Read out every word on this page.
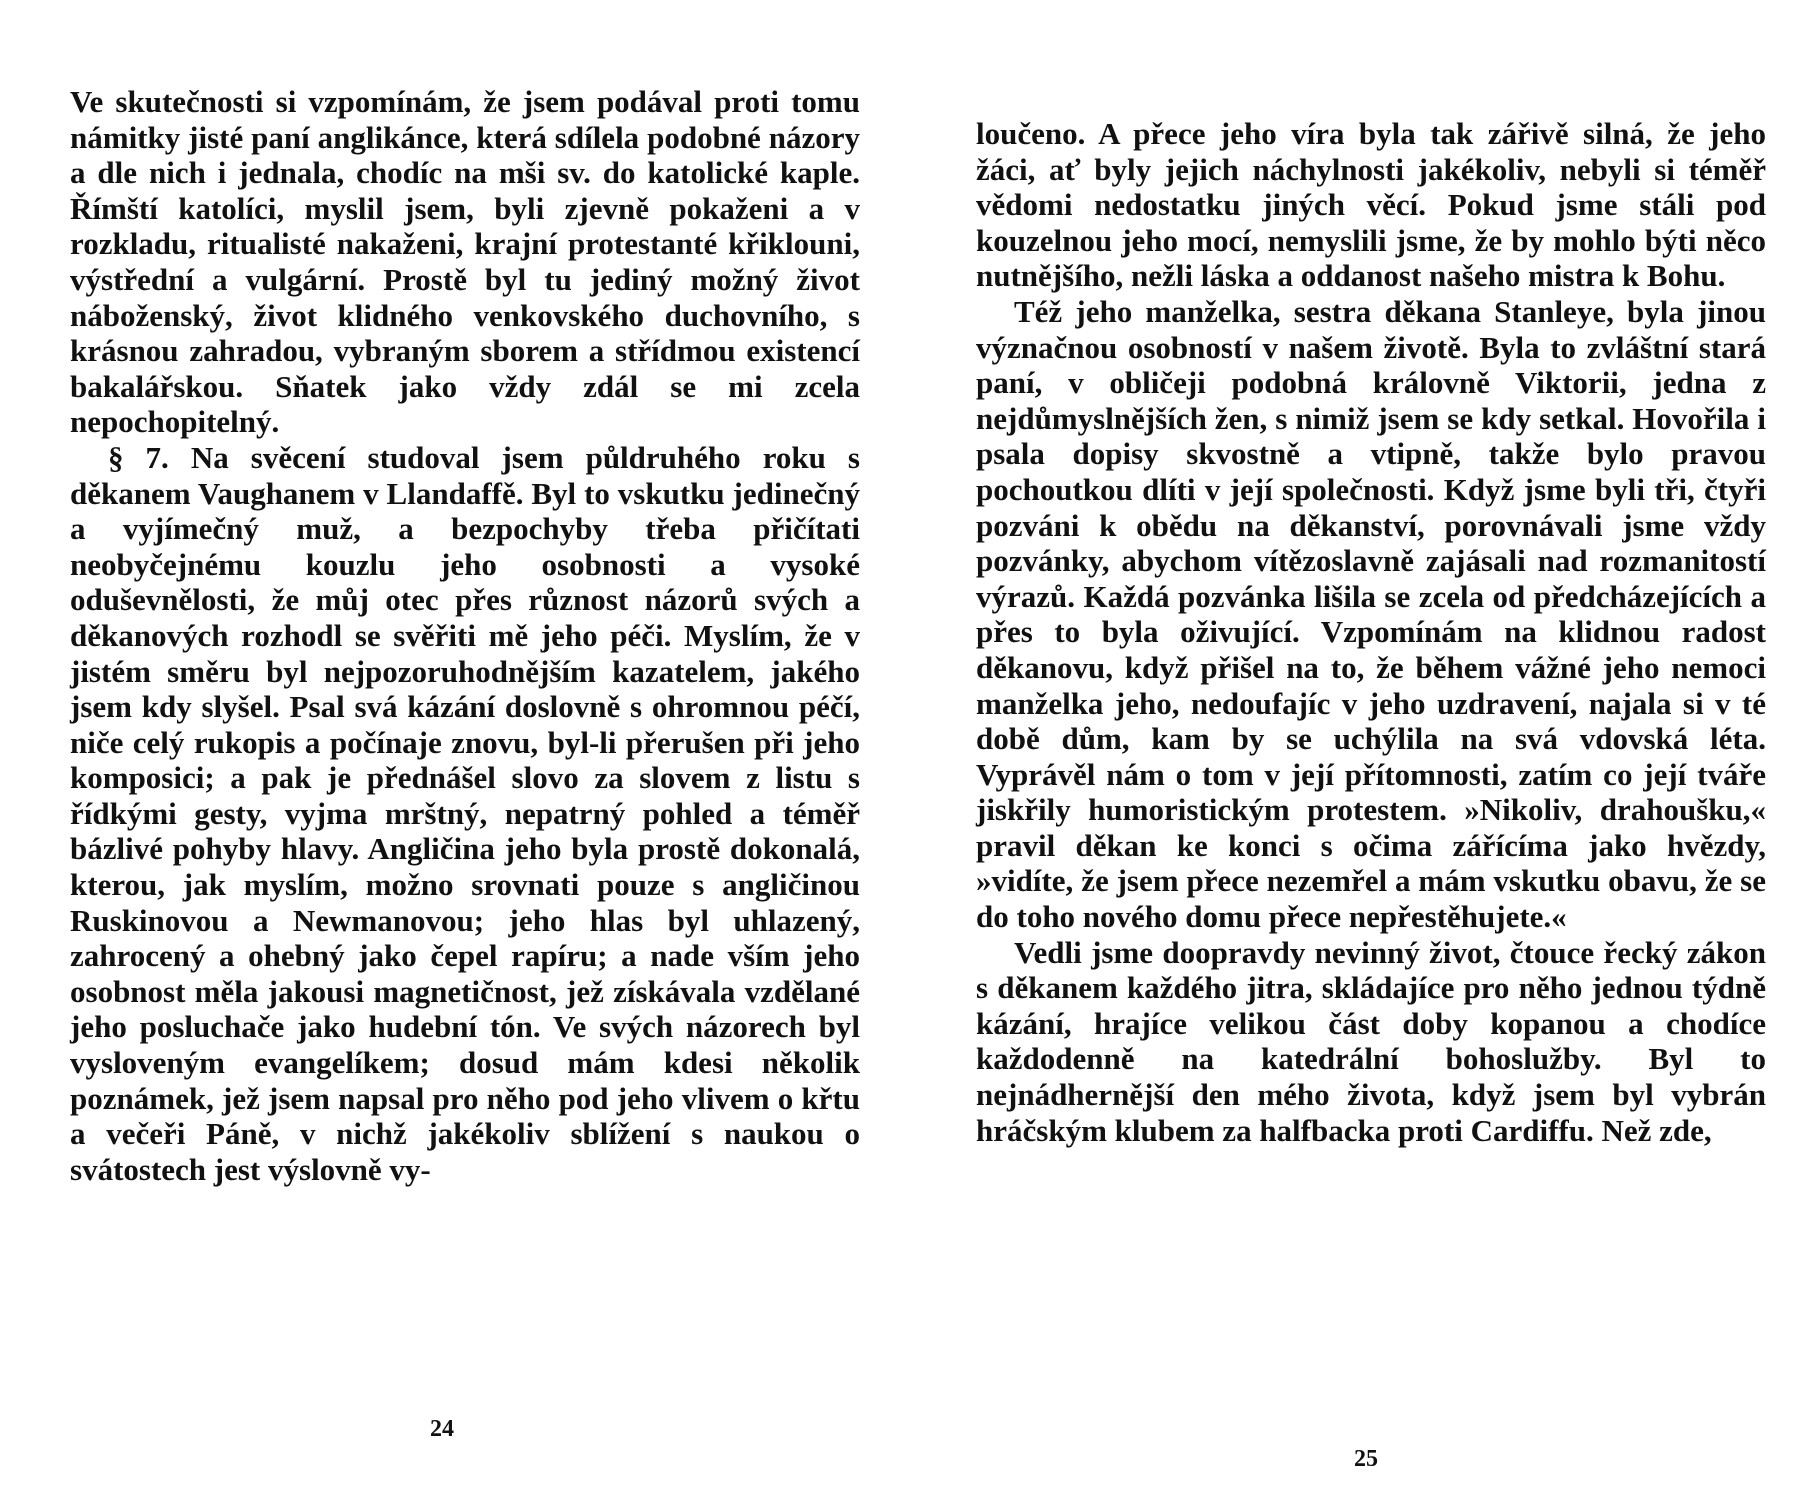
Ve skutečnosti si vzpomínám, že jsem podával proti tomu námitky jisté paní anglikánce, která sdílela podobné názory a dle nich i jednala, chodíc na mši sv. do katolické kaple. Římští katolíci, myslil jsem, byli zjevně pokaženi a v rozkladu, ritualisté nakaženi, krajní protestanté křiklouni, výstřední a vulgární. Prostě byl tu jediný možný život náboženský, život klidného venkovského duchovního, s krásnou zahradou, vybraným sborem a střídmou existencí bakalářskou. Sňatek jako vždy zdál se mi zcela nepochopitelný.

§ 7. Na svěcení studoval jsem půldruhého roku s děkanem Vaughanem v Llandaffě. Byl to vskutku jedinečný a vyjímečný muž, a bezpochyby třeba přičítati neobyčejnému kouzlu jeho osobnosti a vysoké oduševnělosti, že můj otec přes různost názorů svých a děkanových rozhodl se svěřiti mě jeho péči. Myslím, že v jistém směru byl nejpozoruhodnějším kazatelem, jakého jsem kdy slyšel. Psal svá kázání doslovně s ohromnou péčí, niče celý rukopis a počínaje znovu, byl-li přerušen při jeho komposici; a pak je přednášel slovo za slovem z listu s řídkými gesty, vyjma mrštný, nepatrný pohled a téměř bázlivé pohyby hlavy. Angličina jeho byla prostě dokonalá, kterou, jak myslím, možno srovnati pouze s angličinou Ruskinovou a Newmanovou; jeho hlas byl uhlazený, zahrocený a ohebný jako čepel rapíru; a nade vším jeho osobnost měla jakousi magnetičnost, jež získávala vzdělané jeho posluchače jako hudební tón. Ve svých názorech byl vysloveným evangelíkem; dosud mám kdesi několik poznámek, jež jsem napsal pro něho pod jeho vlivem o křtu a večeři Páně, v nichž jakékoliv sblížení s naukou o svátostech jest výslovně vy-

24

loučeno. A přece jeho víra byla tak zářivě silná, že jeho žáci, ať byly jejich náchylnosti jakékoliv, nebyli si téměř vědomi nedostatku jiných věcí. Pokud jsme stáli pod kouzelnou jeho mocí, nemyslili jsme, že by mohlo býti něco nutnějšího, nežli láska a oddanost našeho mistra k Bohu.

Též jeho manželka, sestra děkana Stanleye, byla jinou význačnou osobností v našem životě. Byla to zvláštní stará paní, v obličeji podobná královně Viktorii, jedna z nejdůmyslnějších žen, s nimiž jsem se kdy setkal. Hovořila i psala dopisy skvostně a vtipně, takže bylo pravou pochoutkou dlíti v její společnosti. Když jsme byli tři, čtyři pozváni k obědu na děkanství, porovnávali jsme vždy pozvánky, abychom vítězoslavně zajásali nad rozmanitostí výrazů. Každá pozvánka lišila se zcela od předcházejících a přes to byla oživující. Vzpomínám na klidnou radost děkanovu, když přišel na to, že během vážné jeho nemoci manželka jeho, nedoufajíc v jeho uzdravení, najala si v té době dům, kam by se uchýlila na svá vdovská léta. Vyprávěl nám o tom v její přítomnosti, zatím co její tváře jiskřily humoristickým protestem. »Nikoliv, drahoušku,« pravil děkan ke konci s očima zářícíma jako hvězdy, »vidíte, že jsem přece nezemřel a mám vskutku obavu, že se do toho nového domu přece nepřestěhujete.«

Vedli jsme doopravdy nevinný život, čtouce řecký zákon s děkanem každého jitra, skládajíce pro něho jednou týdně kázání, hrajíce velikou část doby kopanou a chodíce každodenně na katedrální bohoslužby. Byl to nejnádhernější den mého života, když jsem byl vybrán hráčským klubem za halfbacka proti Cardiffu. Než zde,

25
